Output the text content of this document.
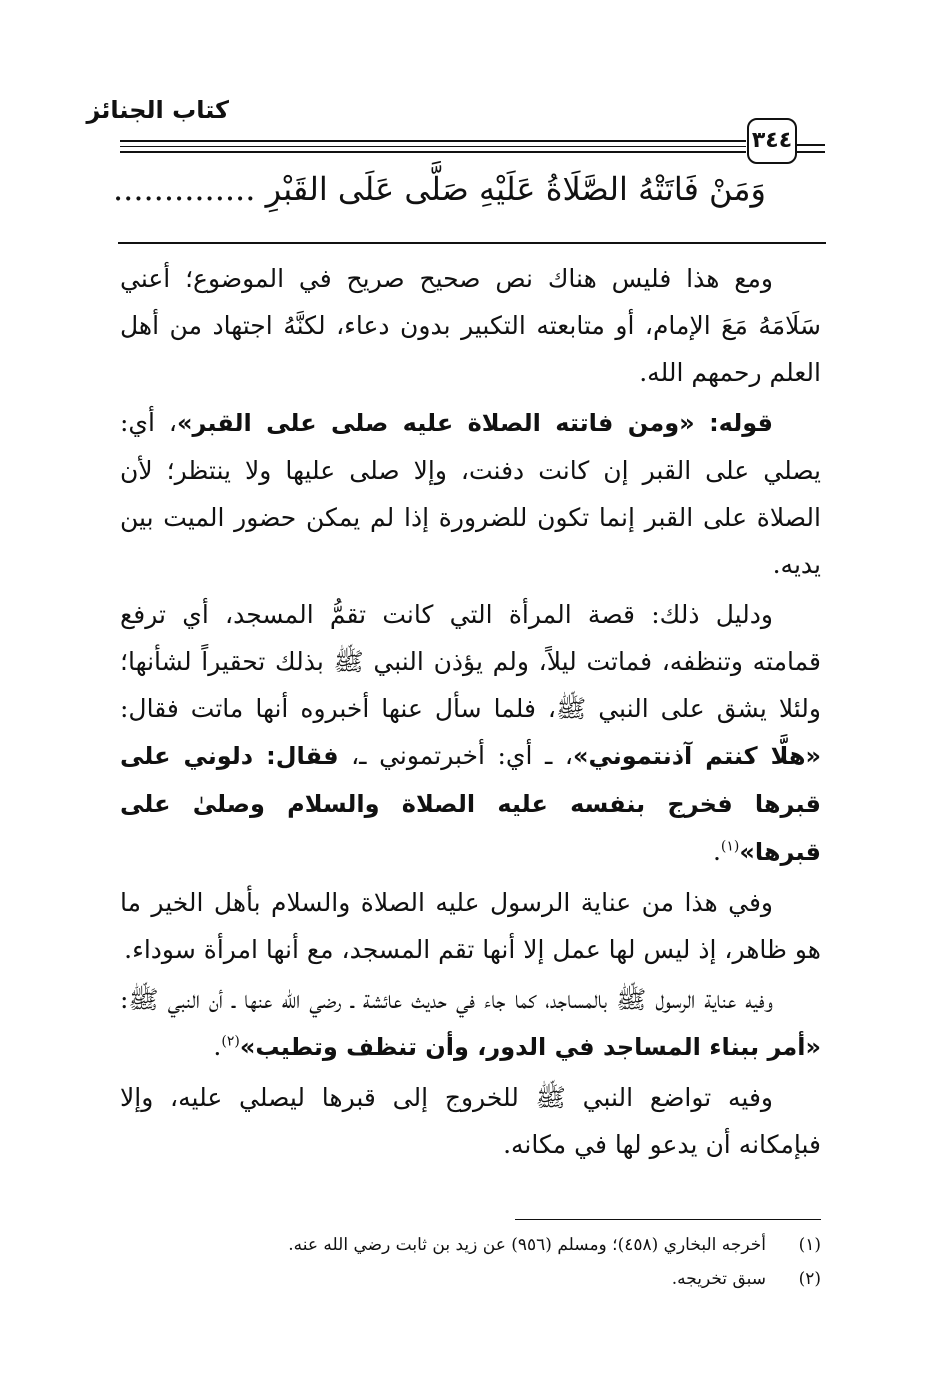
كتاب الجنائز
٣٤٤
وَمَنْ فَاتَتْهُ الصَّلَاةُ عَلَيْهِ صَلَّى عَلَى القَبْرِ ..............

ومع هذا فليس هناك نص صحيح صريح في الموضوع؛ أعني سَلَامَهُ مَعَ الإمام، أو متابعته التكبير بدون دعاء، لكنَّهُ اجتهاد من أهل العلم رحمهم الله.

قوله: «ومن فاتته الصلاة عليه صلى على القبر»، أي: يصلي على القبر إن كانت دفنت، وإلا صلى عليها ولا ينتظر؛ لأن الصلاة على القبر إنما تكون للضرورة إذا لم يمكن حضور الميت بين يديه.

ودليل ذلك: قصة المرأة التي كانت تقمُّ المسجد، أي ترفع قمامته وتنظفه، فماتت ليلاً، ولم يؤذن النبي ﷺ بذلك تحقيراً لشأنها؛ ولئلا يشق على النبي ﷺ، فلما سأل عنها أخبروه أنها ماتت فقال: «هلَّا كنتم آذنتموني»، ـ أي: أخبرتموني ـ، فقال: دلوني على قبرها فخرج بنفسه عليه الصلاة والسلام وصلىٰ على قبرها»$^{(١)}$.

وفي هذا من عناية الرسول عليه الصلاة والسلام بأهل الخير ما هو ظاهر، إذ ليس لها عمل إلا أنها تقم المسجد، مع أنها امرأة سوداء.

وفيه عناية الرسول ﷺ بالمساجد، كما جاء في حديث عائشة ـ رضي الله عنها ـ أن النبي ﷺ: «أمر ببناء المساجد في الدور، وأن تنظف وتطيب»$^{(٢)}$.

وفيه تواضع النبي ﷺ للخروج إلى قبرها ليصلي عليه، وإلا فبإمكانه أن يدعو لها في مكانه.

(١)أخرجه البخاري (٤٥٨)؛ ومسلم (٩٥٦) عن زيد بن ثابت رضي الله عنه.
(٢)سبق تخريجه.
